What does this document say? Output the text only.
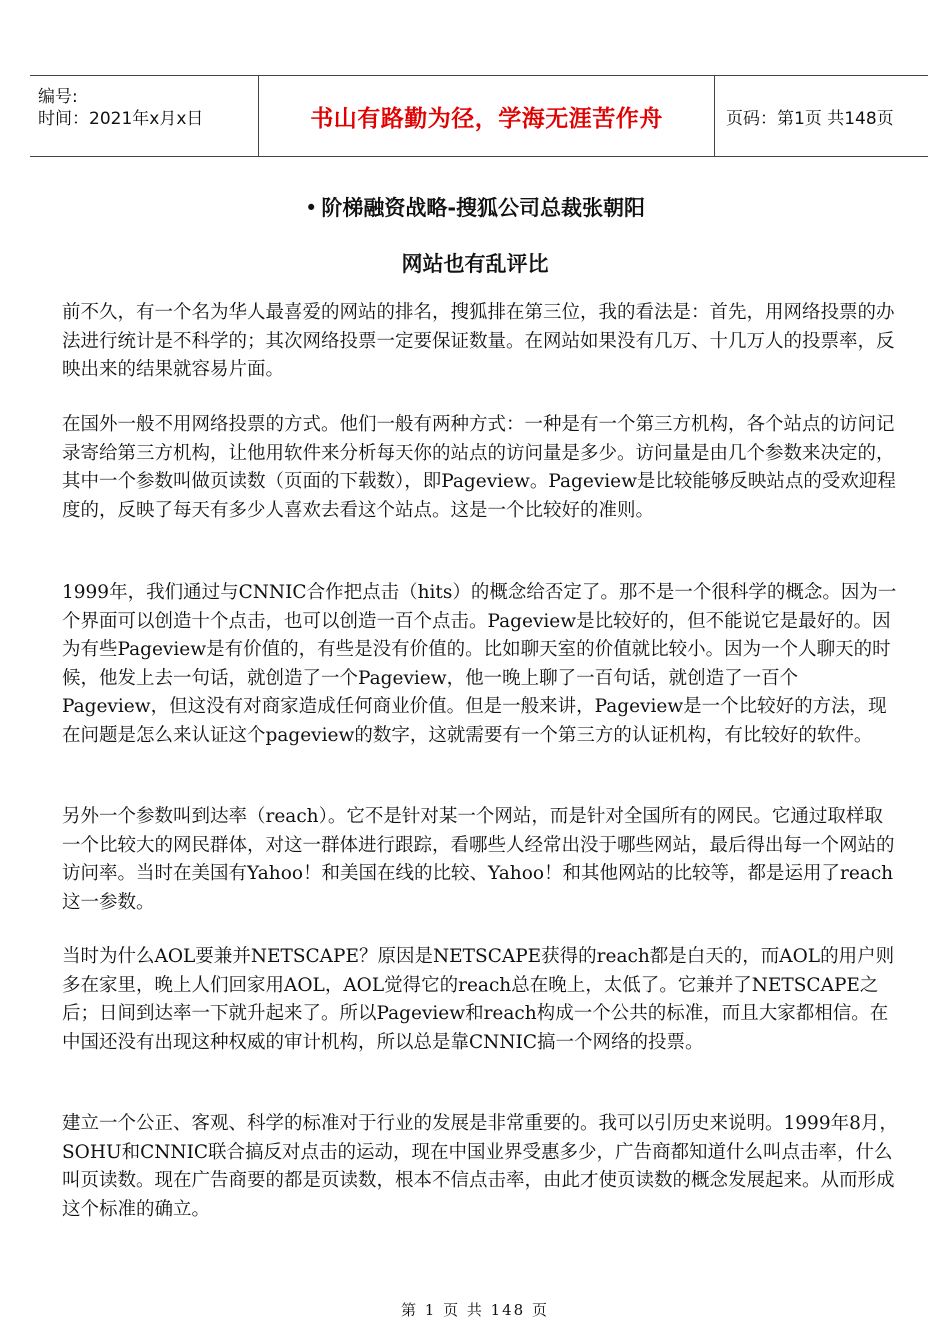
编号:
时间：2021年x月x日	书山有路勤为径，学海无涯苦作舟	页码：第1页 共148页
• 阶梯融资战略-搜狐公司总裁张朝阳
网站也有乱评比

前不久，有一个名为华人最喜爱的网站的排名，搜狐排在第三位，我的看法是：首先，用网络投票的办法进行统计是不科学的；其次网络投票一定要保证数量。在网站如果没有几万、十几万人的投票率，反映出来的结果就容易片面。

在国外一般不用网络投票的方式。他们一般有两种方式：一种是有一个第三方机构，各个站点的访问记录寄给第三方机构，让他用软件来分析每天你的站点的访问量是多少。访问量是由几个参数来决定的，其中一个参数叫做页读数（页面的下载数），即Pageview。Pageview是比较能够反映站点的受欢迎程度的，反映了每天有多少人喜欢去看这个站点。这是一个比较好的准则。

1999年，我们通过与CNNIC合作把点击（hits）的概念给否定了。那不是一个很科学的概念。因为一个界面可以创造十个点击，也可以创造一百个点击。Pageview是比较好的，但不能说它是最好的。因为有些Pageview是有价值的，有些是没有价值的。比如聊天室的价值就比较小。因为一个人聊天的时候，他发上去一句话，就创造了一个Pageview，他一晚上聊了一百句话，就创造了一百个Pageview，但这没有对商家造成任何商业价值。但是一般来讲，Pageview是一个比较好的方法，现在问题是怎么来认证这个pageview的数字，这就需要有一个第三方的认证机构，有比较好的软件。

另外一个参数叫到达率（reach）。它不是针对某一个网站，而是针对全国所有的网民。它通过取样取一个比较大的网民群体，对这一群体进行跟踪，看哪些人经常出没于哪些网站，最后得出每一个网站的访问率。当时在美国有Yahoo！和美国在线的比较、Yahoo！和其他网站的比较等，都是运用了reach这一参数。

当时为什么AOL要兼并NETSCAPE？原因是NETSCAPE获得的reach都是白天的，而AOL的用户则多在家里，晚上人们回家用AOL，AOL觉得它的reach总在晚上，太低了。它兼并了NETSCAPE之后；日间到达率一下就升起来了。所以Pageview和reach构成一个公共的标准，而且大家都相信。在中国还没有出现这种权威的审计机构，所以总是靠CNNIC搞一个网络的投票。

建立一个公正、客观、科学的标准对于行业的发展是非常重要的。我可以引历史来说明。1999年8月，SOHU和CNNIC联合搞反对点击的运动，现在中国业界受惠多少，广告商都知道什么叫点击率，什么叫页读数。现在广告商要的都是页读数，根本不信点击率，由此才使页读数的概念发展起来。从而形成这个标准的确立。

第 1 页 共 148 页
